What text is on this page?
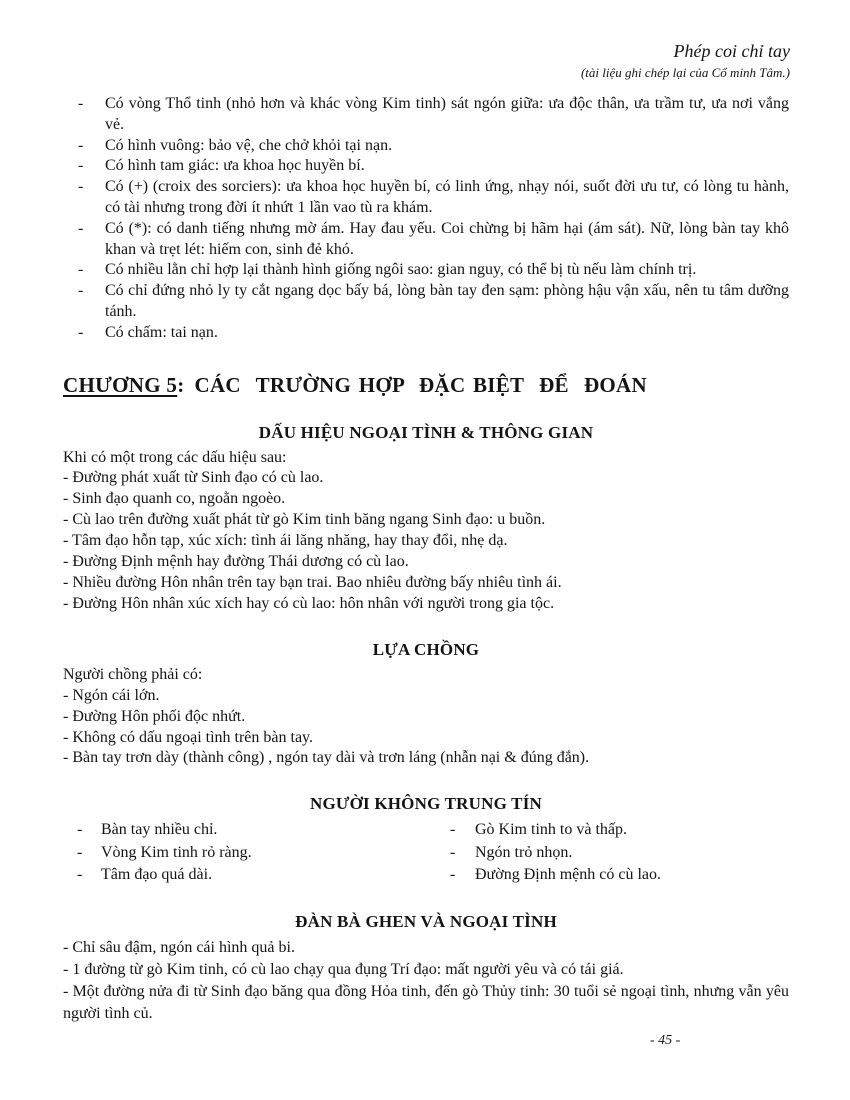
Phép coi chỉ tay
(tài liệu ghi chép lại của Cổ minh Tâm.)
- Có vòng Thổ tinh (nhỏ hơn và khác vòng Kim tinh) sát ngón giữa: ưa độc thân, ưa trầm tư, ưa nơi vắng vẻ.
- Có hình vuông: bảo vệ, che chở khỏi tại nạn.
- Có hình tam giác: ưa khoa học huyền bí.
- Có (+) (croix des sorciers): ưa khoa học huyền bí, có linh ứng, nhạy nói, suốt đời ưu tư, có lòng tu hành, có tài nhưng trong đời ít nhứt 1 lần vao tù ra khám.
- Có (*): có danh tiếng nhưng mờ ám. Hay đau yếu. Coi chừng bị hãm hại (ám sát). Nữ, lòng bàn tay khô khan và trẹt lét: hiếm con, sinh đẻ khó.
- Có nhiều lằn chỉ hợp lại thành hình giống ngôi sao: gian nguy, có thể bị tù nếu làm chính trị.
- Có chỉ đứng nhỏ ly ty cắt ngang dọc bấy bá, lòng bàn tay đen sạm: phòng hậu vận xấu, nên tu tâm dưỡng tánh.
- Có chấm: tai nạn.
CHƯƠNG 5: CÁC  TRƯỜNG HỢP  ĐẶC BIỆT  ĐỂ  ĐOÁN
DẤU HIỆU NGOẠI TÌNH & THÔNG GIAN
Khi có một trong các dấu hiệu sau:
- Đường phát xuất từ Sinh đạo có cù lao.
- Sinh đạo quanh co, ngoằn ngoèo.
- Cù lao trên đường xuất phát từ gò Kim tinh băng ngang Sinh đạo: u buồn.
- Tâm đạo hỗn tạp, xúc xích: tình ái lăng nhăng, hay thay đổi, nhẹ dạ.
- Đường Định mệnh hay đường Thái dương có cù lao.
- Nhiều đường Hôn nhân trên tay bạn trai. Bao nhiêu đường bấy nhiêu tình ái.
- Đường Hôn nhân xúc xích hay có cù lao: hôn nhân với người trong gia tộc.
LỰA CHỒNG
Người chồng phải có:
- Ngón cái lớn.
- Đường Hôn phối độc nhứt.
- Không có dấu ngoại tình trên bàn tay.
- Bàn tay trơn dày (thành công) , ngón tay dài và trơn láng (nhẫn nại & đúng đắn).
NGƯỜI KHÔNG TRUNG TÍN
- Bàn tay nhiều chỉ.
- Vòng Kim tinh rỏ ràng.
- Tâm đạo quá dài.
- Gò Kim tinh to và thấp.
- Ngón trỏ nhọn.
- Đường Định mệnh có cù lao.
ĐÀN BÀ GHEN VÀ NGOẠI TÌNH
- Chỉ sâu đậm, ngón cái hình quả bi.
- 1 đường từ gò Kim tinh, có cù lao chạy qua đụng Trí đạo: mất người yêu và có tái giá.
- Một đường nửa đi từ Sinh đạo băng qua đồng Hỏa tinh, đến gò Thủy tinh: 30 tuổi sẻ ngoại tình, nhưng vẫn yêu người tình củ.
- 45 -
